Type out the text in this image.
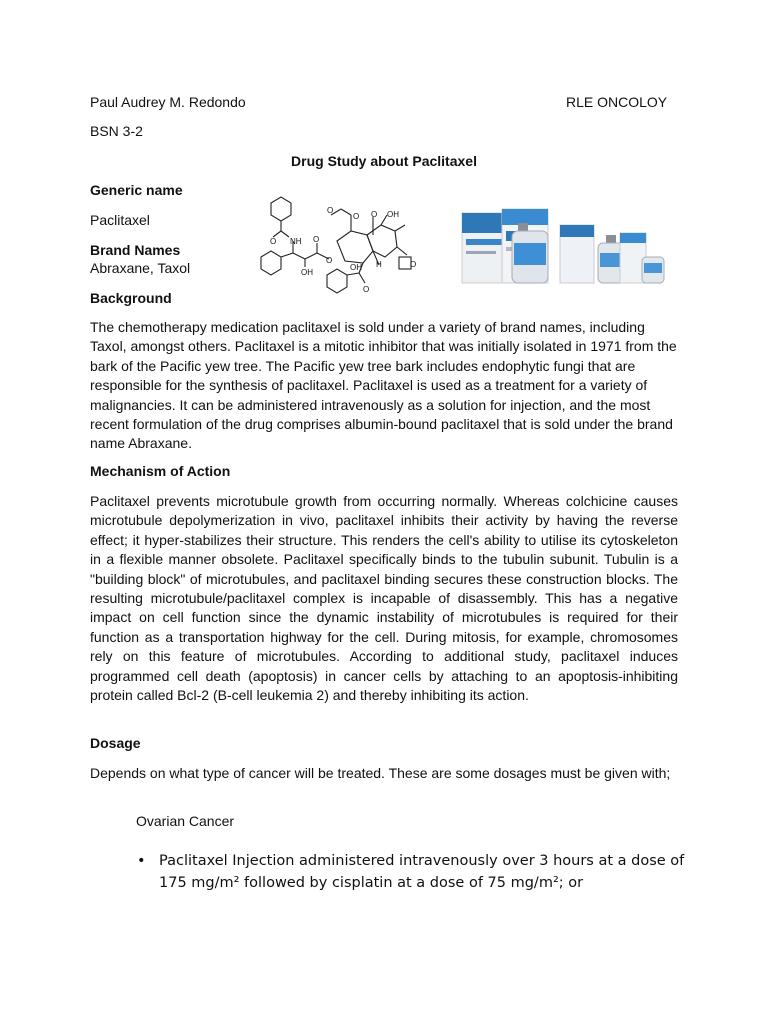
Paul Audrey M. Redondo	RLE ONCOLOY
BSN 3-2
Drug Study about Paclitaxel
Generic name
Paclitaxel
Brand Names
Abraxane, Taxol
O NH O
O
OH
OH
O
OH
O
H	O
O
O
Background
The chemotherapy medication paclitaxel is sold under a variety of brand names, including Taxol, amongst others. Paclitaxel is a mitotic inhibitor that was initially isolated in 1971 from the bark of the Pacific yew tree. The Pacific yew tree bark includes endophytic fungi that are responsible for the synthesis of paclitaxel. Paclitaxel is used as a treatment for a variety of malignancies. It can be administered intravenously as a solution for injection, and the most recent formulation of the drug comprises albumin-bound paclitaxel that is sold under the brand name Abraxane.
Mechanism of Action
Paclitaxel prevents microtubule growth from occurring normally. Whereas colchicine causes microtubule depolymerization in vivo, paclitaxel inhibits their activity by having the reverse effect; it hyper-stabilizes their structure. This renders the cell's ability to utilise its cytoskeleton in a flexible manner obsolete. Paclitaxel specifically binds to the tubulin subunit. Tubulin is a "building block" of microtubules, and paclitaxel binding secures these construction blocks. The resulting microtubule/paclitaxel complex is incapable of disassembly. This has a negative impact on cell function since the dynamic instability of microtubules is required for their function as a transportation highway for the cell. During mitosis, for example, chromosomes rely on this feature of microtubules. According to additional study, paclitaxel induces programmed cell death (apoptosis) in cancer cells by attaching to an apoptosis-inhibiting protein called Bcl-2 (B-cell leukemia 2) and thereby inhibiting its action.
Dosage
Depends on what type of cancer will be treated. These are some dosages must be given with;
Ovarian Cancer
• Paclitaxel Injection administered intravenously over 3 hours at a dose of 175 mg/m² followed by cisplatin at a dose of 75 mg/m²; or
